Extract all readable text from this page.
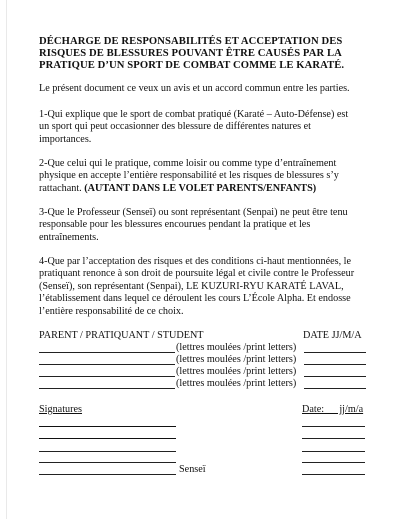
DÉCHARGE DE RESPONSABILITÉS ET ACCEPTATION DES
RISQUES DE BLESSURES POUVANT ÊTRE CAUSÉS PAR LA
PRATIQUE D’UN SPORT DE COMBAT COMME LE KARATÉ.
Le présent document ce veux un avis et un accord commun entre les parties.
1-Qui explique que le sport de combat pratiqué (Karaté – Auto-Défense) est
un sport qui peut occasionner des blessure de différentes natures et
importances.
2-Que celui qui le pratique, comme loisir ou comme type d’entraînement
physique en accepte l’entière responsabilité et les risques de blessures s’y
rattachant. (AUTANT DANS LE VOLET PARENTS/ENFANTS)
3-Que le Professeur (Senseï) ou sont représentant (Senpai) ne peut être tenu
responsable pour les blessures encourues pendant la pratique et les
entraînements.
4-Que par l’acceptation des risques et des conditions ci-haut mentionnées, le
pratiquant renonce à son droit de poursuite légal et civile contre le Professeur
(Senseï), son représentant (Senpai), LE KUZURI-RYU KARATÉ LAVAL,
l’établissement dans lequel ce déroulent les cours L’École Alpha. Et endosse
l’entière responsabilité de ce choix.
PARENT / PRATIQUANT / STUDENT	DATE JJ/M/A
(lettres moulées /print letters)
(lettres moulées /print letters)
(lettres moulées /print letters)
(lettres moulées /print letters)
Signatures	Date:      jj/m/a
Senseï
